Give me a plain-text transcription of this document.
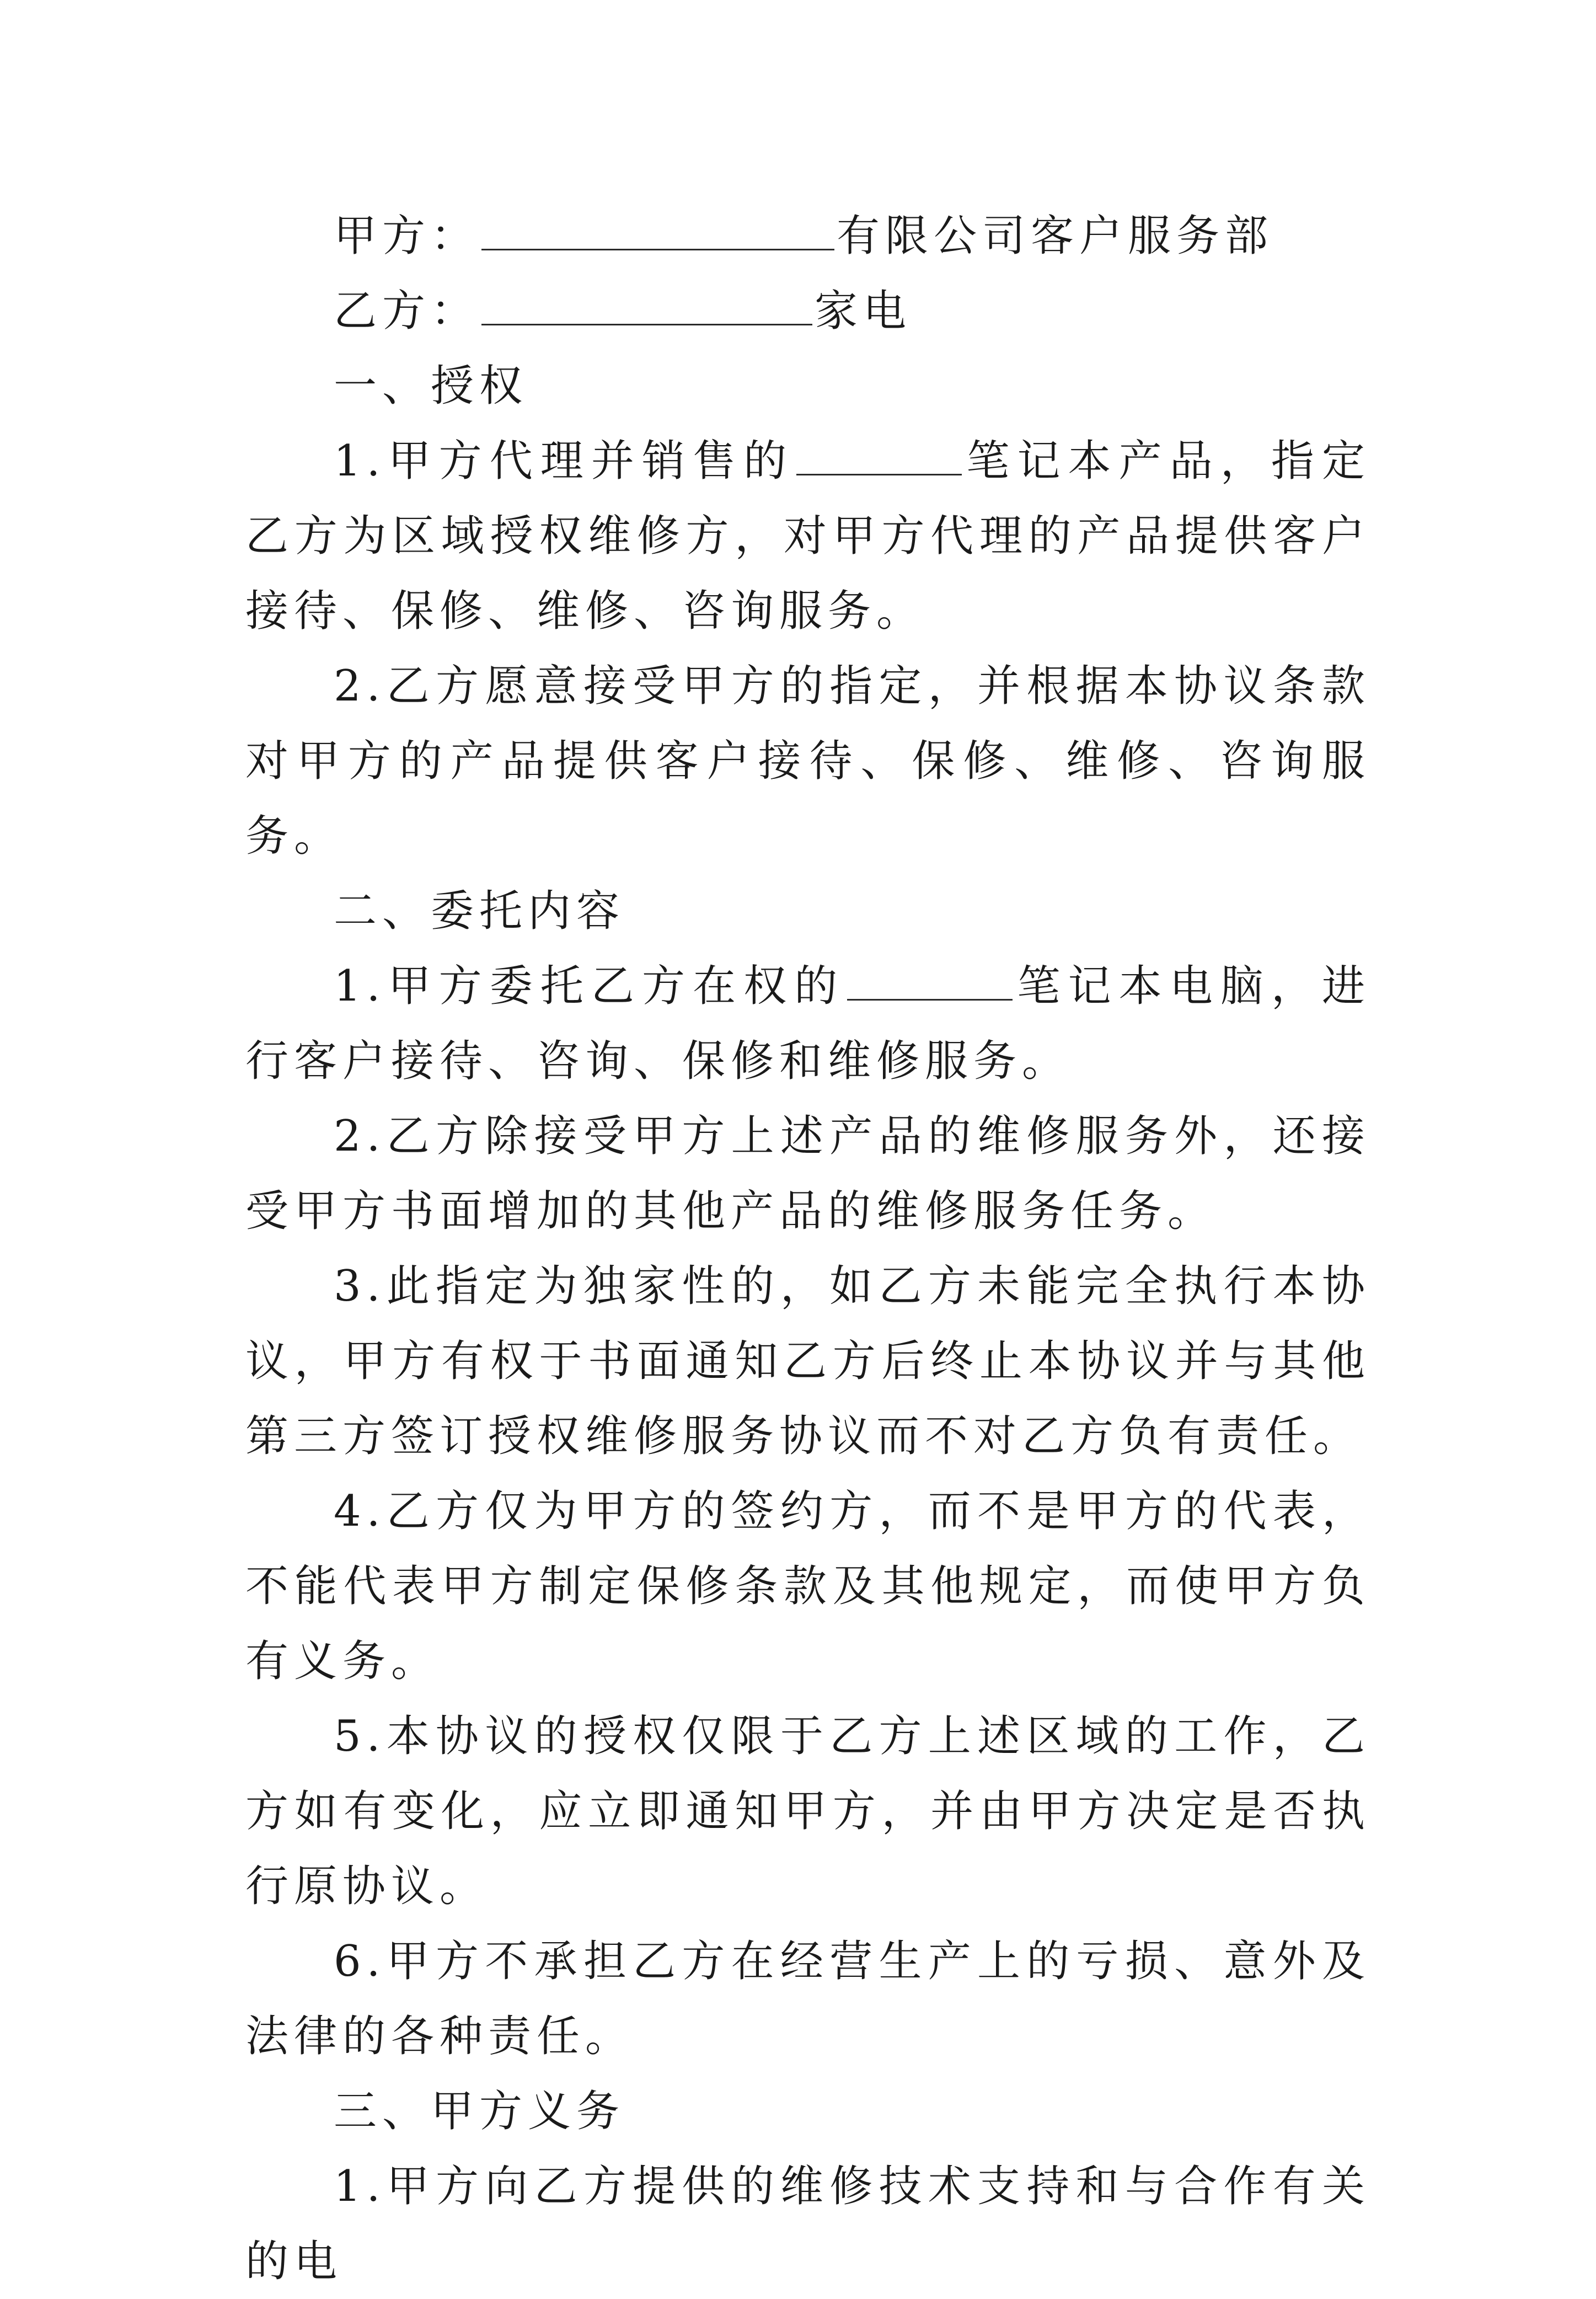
甲方：	有限公司客户服务部

乙方：	家电

一、授权

1.甲方代理并销售的	笔记本产品，指定乙方为区域授权维修方，对甲方代理的产品提供客户接待、保修、维修、咨询服务。

2.乙方愿意接受甲方的指定，并根据本协议条款对甲方的产品提供客户接待、保修、维修、咨询服务。

二、委托内容

1.甲方委托乙方在权的	笔记本电脑，进行客户接待、咨询、保修和维修服务。

2.乙方除接受甲方上述产品的维修服务外，还接受甲方书面增加的其他产品的维修服务任务。

3.此指定为独家性的，如乙方未能完全执行本协议，甲方有权于书面通知乙方后终止本协议并与其他第三方签订授权维修服务协议而不对乙方负有责任。

4.乙方仅为甲方的签约方，而不是甲方的代表，不能代表甲方制定保修条款及其他规定，而使甲方负有义务。

5.本协议的授权仅限于乙方上述区域的工作，乙方如有变化，应立即通知甲方，并由甲方决定是否执行原协议。

6.甲方不承担乙方在经营生产上的亏损、意外及法律的各种责任。

三、甲方义务

1.甲方向乙方提供的维修技术支持和与合作有关的电
